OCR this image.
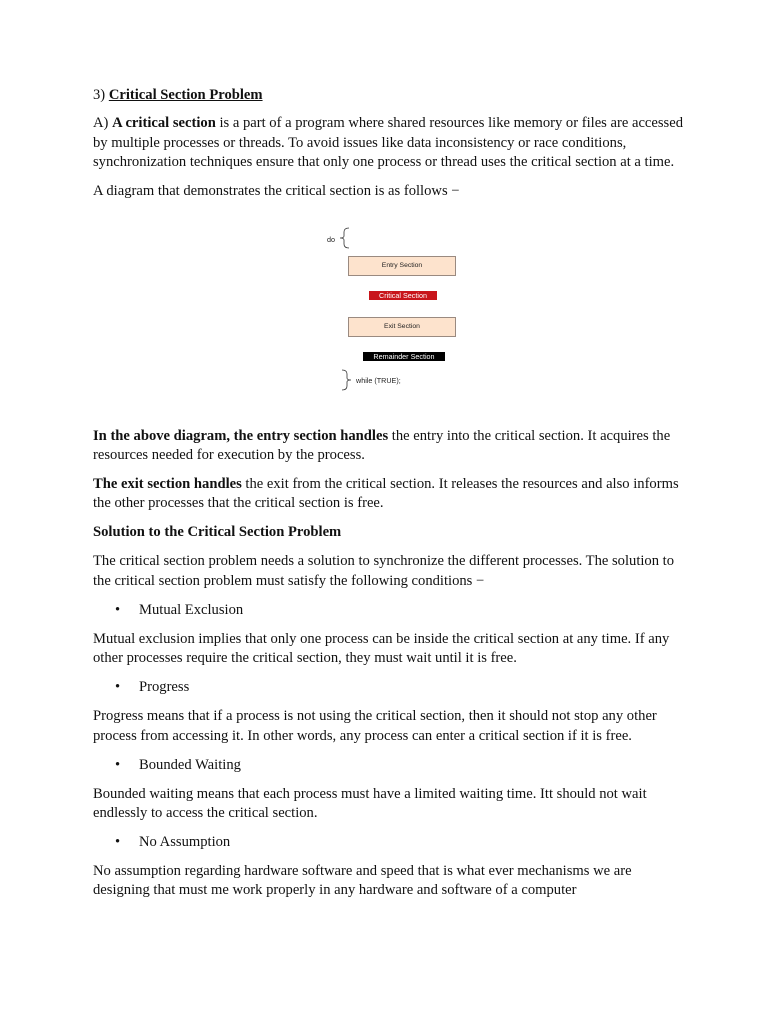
3) Critical Section Problem

A) A critical section is a part of a program where shared resources like memory or files are accessed by multiple processes or threads. To avoid issues like data inconsistency or race conditions, synchronization techniques ensure that only one process or thread uses the critical section at a time.

A diagram that demonstrates the critical section is as follows −

do
Entry Section
Critical Section
Exit Section
Remainder Section
while (TRUE);

In the above diagram, the entry section handles the entry into the critical section. It acquires the resources needed for execution by the process.

The exit section handles the exit from the critical section. It releases the resources and also informs the other processes that the critical section is free.

Solution to the Critical Section Problem

The critical section problem needs a solution to synchronize the different processes. The solution to the critical section problem must satisfy the following conditions −

• Mutual Exclusion

Mutual exclusion implies that only one process can be inside the critical section at any time. If any other processes require the critical section, they must wait until it is free.

• Progress

Progress means that if a process is not using the critical section, then it should not stop any other process from accessing it. In other words, any process can enter a critical section if it is free.

• Bounded Waiting

Bounded waiting means that each process must have a limited waiting time. Itt should not wait endlessly to access the critical section.

• No Assumption

No assumption regarding hardware software and speed that is what ever mechanisms we are designing that must me work properly in any hardware and software of a computer
